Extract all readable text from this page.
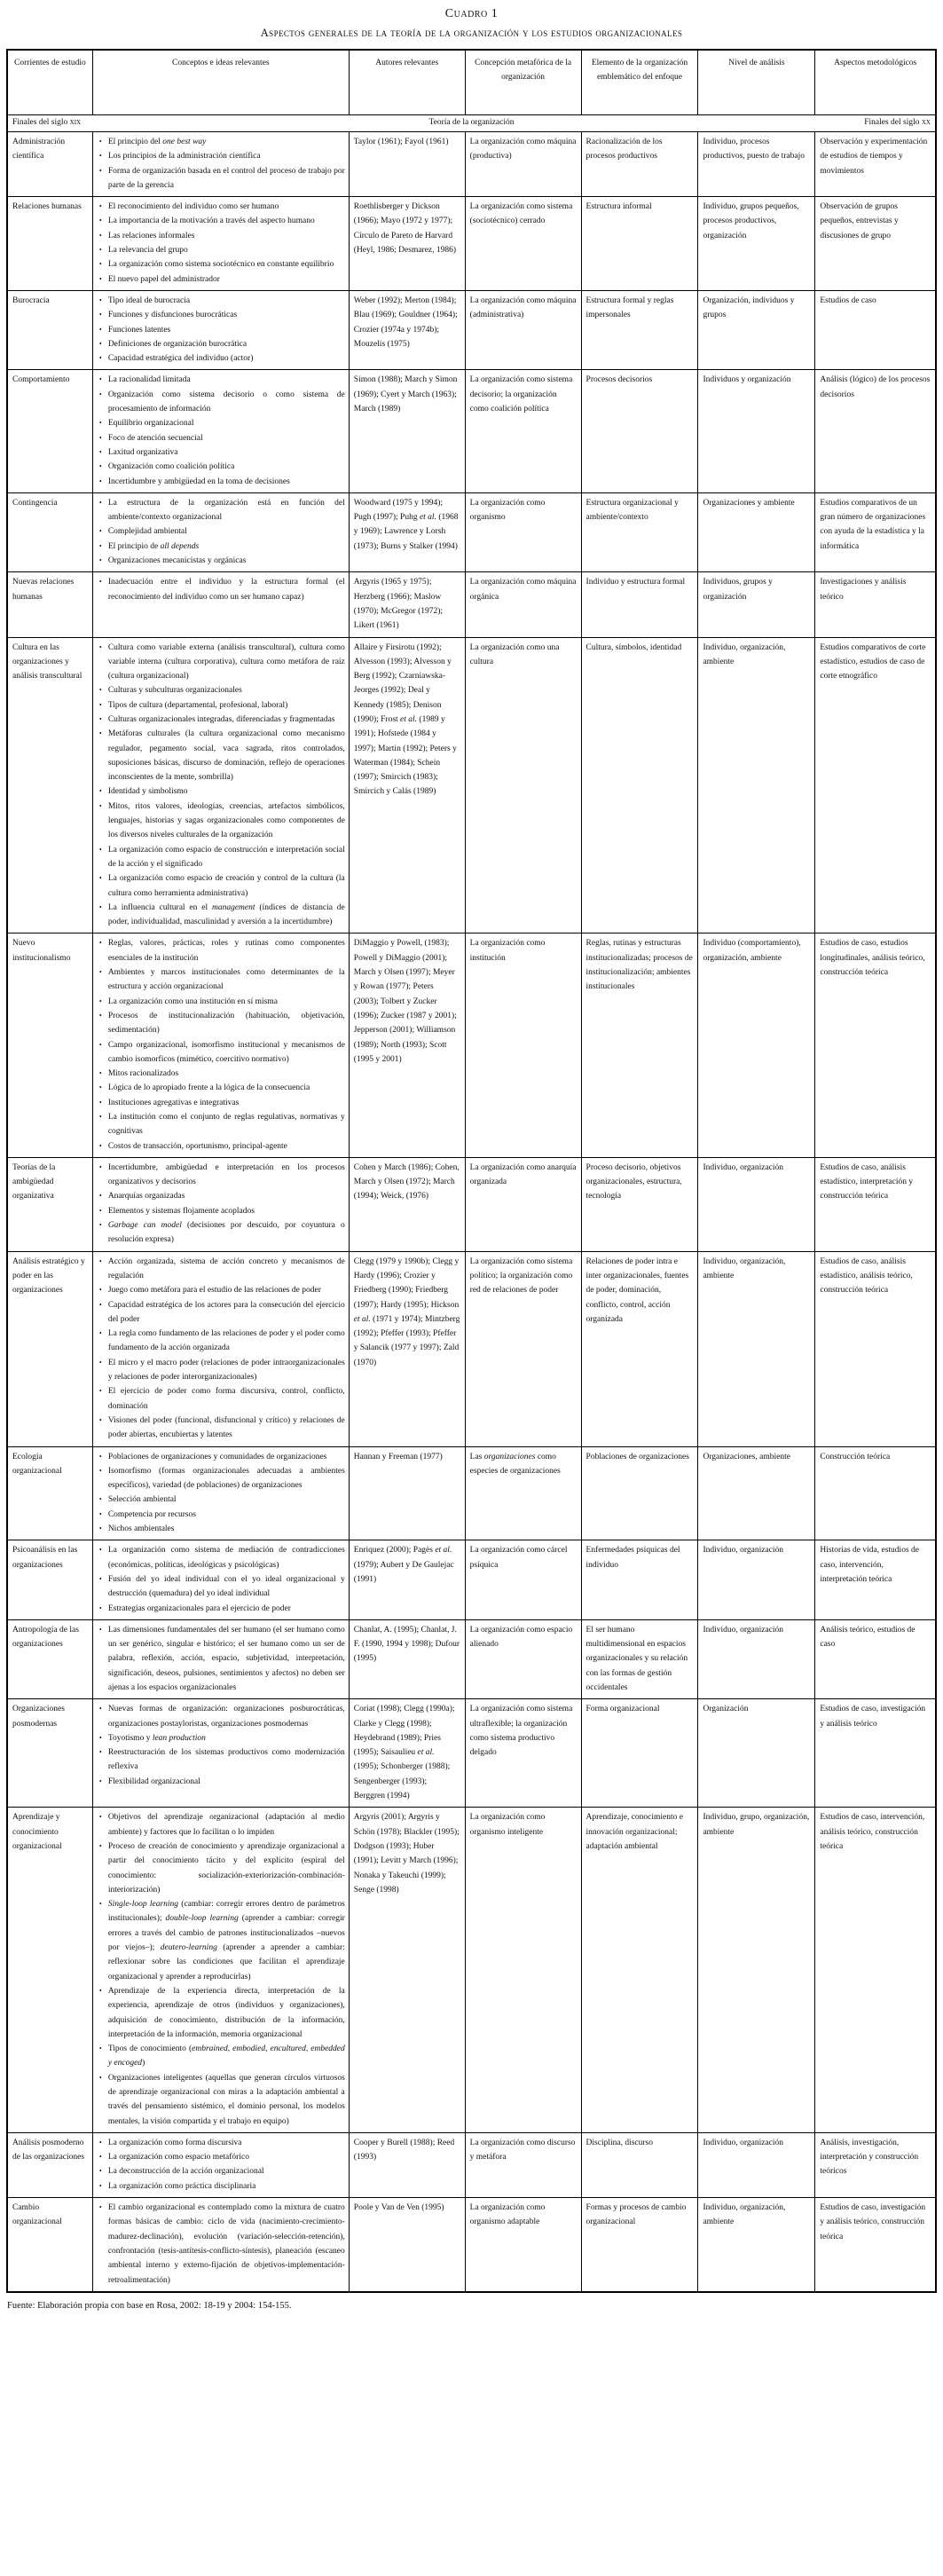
Cuadro 1
Aspectos generales de la teoría de la organización y los estudios organizacionales
Corrientes de estudio	Conceptos e ideas relevantes	Autores relevantes	Concepción metafórica de la organización	Elemento de la organización emblemático del enfoque	Nivel de análisis	Aspectos metodológicos

Finales del siglo xix Teoría de la organización Finales del siglo xx						

Administración científica	
• El principio del one best way
• Los principios de la administración científica
• Forma de organización basada en el control del proceso de trabajo por parte de la gerencia
	Taylor (1961); Fayol (1961)	La organización como máquina (productiva)	Racionalización de los procesos productivos	Individuo, procesos productivos, puesto de trabajo	Observación y experimentación de estudios de tiempos y movimientos
Relaciones humanas	• El reconocimiento del individuo como ser humano
• La importancia de la motivación a través del aspecto humano
• Las relaciones informales
• La relevancia del grupo
• La organización como sistema sociotécnico en constante equilibrio
• El nuevo papel del administrador
	Roethlisberger y Dickson (1966); Mayo (1972 y 1977); Círculo de Pareto de Harvard (Heyl, 1986; Desmarez, 1986)	La organización como sistema (sociotécnico) cerrado	Estructura informal	Individuo, grupos pequeños, procesos productivos, organización	Observación de grupos pequeños, entrevistas y discusiones de grupo
Burocracia	• Tipo ideal de burocracia
• Funciones y disfunciones burocráticas
• Funciones latentes
• Definiciones de organización burocrática
• Capacidad estratégica del individuo (actor)
	Weber (1992); Merton (1984); Blau (1969); Gouldner (1964); Crozier (1974a y 1974b); Mouzelis (1975)	La organización como máquina (administrativa)	Estructura formal y reglas impersonales	Organización, individuos y grupos	Estudios de caso
Comportamiento	• La racionalidad limitada
• Organización como sistema decisorio o como sistema de procesamiento de información
• Equilibrio organizacional
• Foco de atención secuencial
• Laxitud organizativa
• Organización como coalición política
• Incertidumbre y ambigüedad en la toma de decisiones
	Simon (1988); March y Simon (1969); Cyert y March (1963); March (1989)	La organización como sistema decisorio; la organización como coalición política	Procesos decisorios	Individuos y organización	Análisis (lógico) de los procesos decisorios
Contingencia	• La estructura de la organización está en función del ambiente/contexto organizacional
• Complejidad ambiental
• El principio de all depends
• Organizaciones mecanicistas y orgánicas
	Woodward (1975 y 1994); Pugh (1997); Puhg et al. (1968 y 1969); Lawrence y Lorsh (1973); Burns y Stalker (1994)	La organización como organismo	Estructura organizacional y ambiente/contexto	Organizaciones y ambiente	Estudios comparativos de un gran número de organizaciones con ayuda de la estadística y la informática
Nuevas relaciones humanas	• Inadecuación entre el individuo y la estructura formal (el reconocimiento del individuo como un ser humano capaz)	Argyris (1965 y 1975); Herzberg (1966); Maslow (1970); McGregor (1972); Likert (1961)	La organización como máquina orgánica	Individuo y estructura formal	Individuos, grupos y organización	Investigaciones y análisis teórico
Cultura en las organizaciones y análisis transcultural	
• Cultura como variable externa (análisis transcultural), cultura como variable interna (cultura corporativa), cultura como metáfora de raíz (cultura organizacional)
• Culturas y subculturas organizacionales
• Tipos de cultura (departamental, profesional, laboral)
• Culturas organizacionales integradas, diferenciadas y fragmentadas
• Metáforas culturales (la cultura organizacional como mecanismo regulador, pegamento social, vaca sagrada, ritos controlados, suposiciones básicas, discurso de dominación, reflejo de operaciones inconscientes de la mente, sombrilla)
• Identidad y simbolismo
• Mitos, ritos valores, ideologías, creencias, artefactos simbólicos, lenguajes, historias y sagas organizacionales como componentes de los diversos niveles culturales de la organización
• La organización como espacio de construcción e interpretación social de la acción y el significado
• La organización como espacio de creación y control de la cultura (la cultura como herramienta administrativa)
• La influencia cultural en el management (índices de distancia de poder, individualidad, masculinidad y aversión a la incertidumbre)
	Allaire y Firsirotu (1992); Alvesson (1993); Alvesson y Berg (1992); Czarniawska-Jeorges (1992); Deal y Kennedy (1985); Denison (1990); Frost et al. (1989 y 1991); Hofstede (1984 y 1997); Martin (1992); Peters y Waterman (1984); Schein (1997); Smircich (1983); Smircich y Calás (1989)	La organización como una cultura	Cultura, símbolos, identidad	Individuo, organización, ambiente	Estudios comparativos de corte estadístico, estudios de caso de corte etnográfico
Nuevo institucionalismo	
• Reglas, valores, prácticas, roles y rutinas como componentes esenciales de la institución
• Ambientes y marcos institucionales como determinantes de la estructura y acción organizacional
• La organización como una institución en sí misma
• Procesos de institucionalización (habituación, objetivación, sedimentación)
• Campo organizacional, isomorfismo institucional y mecanismos de cambio isomorficos (mimético, coercitivo normativo)
• Mitos racionalizados
• Lógica de lo apropiado frente a la lógica de la consecuencia
• Instituciones agregativas e integrativas
• La institución como el conjunto de reglas regulativas, normativas y cognitivas
• Costos de transacción, oportunismo, principal-agente
	DiMaggio y Powell, (1983); Powell y DiMaggio (2001); March y Olsen (1997); Meyer y Rowan (1977); Peters (2003); Tolbert y Zucker (1996); Zucker (1987 y 2001); Jepperson (2001); Williamson (1989); North (1993); Scott (1995 y 2001)	La organización como institución	Reglas, rutinas y estructuras institucionalizadas; procesos de institucionalización; ambientes institucionales	Individuo (comportamiento), organización, ambiente	Estudios de caso, estudios longitudinales, análisis teórico, construcción teórica
Teorías de la ambigüedad organizativa	
• Incertidumbre, ambigüedad e interpretación en los procesos organizativos y decisorios
• Anarquías organizadas
• Elementos y sistemas flojamente acoplados
• Garbage can model (decisiones por descuido, por coyuntura o resolución expresa)
	Cohen y March (1986); Cohen, March y Olsen (1972); March (1994); Weick, (1976)	La organización como anarquía organizada	Proceso decisorio, objetivos organizacionales, estructura, tecnología	Individuo, organización	Estudios de caso, análisis estadístico, interpretación y construcción teórica
Análisis estratégico y poder en las organizaciones	
• Acción organizada, sistema de acción concreto y mecanismos de regulación
• Juego como metáfora para el estudio de las relaciones de poder
• Capacidad estratégica de los actores para la consecución del ejercicio del poder
• La regla como fundamento de las relaciones de poder y el poder como fundamento de la acción organizada
• El micro y el macro poder (relaciones de poder intraorganizacionales y relaciones de poder interorganizacionales)
• El ejercicio de poder como forma discursiva, control, conflicto, dominación
• Visiones del poder (funcional, disfuncional y crítico) y relaciones de poder abiertas, encubiertas y latentes
	Clegg (1979 y 1990b); Clegg y Hardy (1996); Crozier y Friedberg (1990); Friedberg (1997); Hardy (1995); Hickson et al. (1971 y 1974); Mintzberg (1992); Pfeffer (1993); Pfeffer y Salancik (1977 y 1997); Zald (1970)	La organización como sistema político; la organización como red de relaciones de poder	Relaciones de poder intra e inter organizacionales, fuentes de poder, dominación, conflicto, control, acción organizada	Individuo, organización, ambiente	Estudios de caso, análisis estadístico, análisis teórico, construcción teórica
Ecología organizacional	
• Poblaciones de organizaciones y comunidades de organizaciones
• Isomorfismo (formas organizacionales adecuadas a ambientes específicos), variedad (de poblaciones) de organizaciones
• Selección ambiental
• Competencia por recursos
• Nichos ambientales
	Hannan y Freeman (1977)	Las organizaciones como especies de organizaciones	Poblaciones de organizaciones	Organizaciones, ambiente	Construcción teórica
Psicoanálisis en las organizaciones	
• La organización como sistema de mediación de contradicciones (económicas, políticas, ideológicas y psicológicas)
• Fusión del yo ideal individual con el yo ideal organizacional y destrucción (quemadura) del yo ideal individual
• Estrategias organizacionales para el ejercicio de poder
	Enriquez (2000); Pagès et al. (1979); Aubert y De Gaulejac (1991)	La organización como cárcel psíquica	Enfermedades psíquicas del individuo	Individuo, organización	Historias de vida, estudios de caso, intervención, interpretación teórica
Antropología de las organizaciones	• Las dimensiones fundamentales del ser humano (el ser humano como un ser genérico, singular e histórico; el ser humano como un ser de palabra, reflexión, acción, espacio, subjetividad, interpretación, significación, deseos, pulsiones, sentimientos y afectos) no deben ser ajenas a los espacios organizacionales	Chanlat, A. (1995); Chanlat, J. F. (1990, 1994 y 1998); Dufour (1995)	La organización como espacio alienado	El ser humano multidimensional en espacios organizacionales y su relación con las formas de gestión occidentales	Individuo, organización	Análisis teórico, estudios de caso
Organizaciones posmodernas	
• Nuevas formas de organización: organizaciones posburocráticas, organizaciones postayloristas, organizaciones posmodernas
• Toyotismo y lean production
• Reestructuración de los sistemas productivos como modernización reflexiva
• Flexibilidad organizacional
	Coriat (1998); Clegg (1990a); Clarke y Clegg (1998); Heydebrand (1989); Pries (1995); Saisaulieu et al. (1995); Schonberger (1988); Sengenberger (1993); Berggren (1994)	La organización como sistema ultraflexible; la organización como sistema productivo delgado	Forma organizacional	Organización	Estudios de caso, investigación y análisis teórico
Aprendizaje y conocimiento organizacional	
• Objetivos del aprendizaje organizacional (adaptación al medio ambiente) y factores que lo facilitan o lo impiden
• Proceso de creación de conocimiento y aprendizaje organizacional a partir del conocimiento tácito y del explícito (espiral del conocimiento: socialización-exteriorización-combinación-interiorización)
• Single-loop learning (cambiar: corregir errores dentro de parámetros institucionales); double-loop learning (aprender a cambiar: corregir errores a través del cambio de patrones institucionalizados –nuevos por viejos–); deutero-learning (aprender a aprender a cambiar: reflexionar sobre las condiciones que facilitan el aprendizaje organizacional y aprender a reproducirlas)
• Aprendizaje de la experiencia directa, interpretación de la experiencia, aprendizaje de otros (individuos y organizaciones), adquisición de conocimiento, distribución de la información, interpretación de la información, memoria organizacional
• Tipos de conocimiento (embrained, embodied, encultured, embedded y encoged)
• Organizaciones inteligentes (aquellas que generan círculos virtuosos de aprendizaje organizacional con miras a la adaptación ambiental a través del pensamiento sistémico, el dominio personal, los modelos mentales, la visión compartida y el trabajo en equipo)
	Argyris (2001); Argyris y Schön (1978); Blackler (1995); Dodgson (1993); Huber (1991); Levitt y March (1996); Nonaka y Takeuchi (1999); Senge (1998)	La organización como organismo inteligente	Aprendizaje, conocimiento e innovación organizacional; adaptación ambiental	Individuo, grupo, organización, ambiente	Estudios de caso, intervención, análisis teórico, construcción teórica
Análisis posmoderno de las organizaciones	
• La organización como forma discursiva
• La organización como espacio metafórico
• La deconstrucción de la acción organizacional
• La organización como práctica disciplinaria
	Cooper y Burell (1988); Reed (1993)	La organización como discurso y metáfora	Disciplina, discurso	Individuo, organización	Análisis, investigación, interpretación y construcción teóricos
Cambio organizacional	• El cambio organizacional es contemplado como la mixtura de cuatro formas básicas de cambio: ciclo de vida (nacimiento-crecimiento-madurez-declinación), evolución (variación-selección-retención), confrontación (tesis-antítesis-conflicto-síntesis), planeación (escaneo ambiental interno y externo-fijación de objetivos-implementación-retroalimentación)	Poole y Van de Ven (1995)	La organización como organismo adaptable	Formas y procesos de cambio organizacional	Individuo, organización, ambiente	Estudios de caso, investigación y análisis teórico, construcción teórica
Fuente: Elaboración propia con base en Rosa, 2002: 18-19 y 2004: 154-155.
